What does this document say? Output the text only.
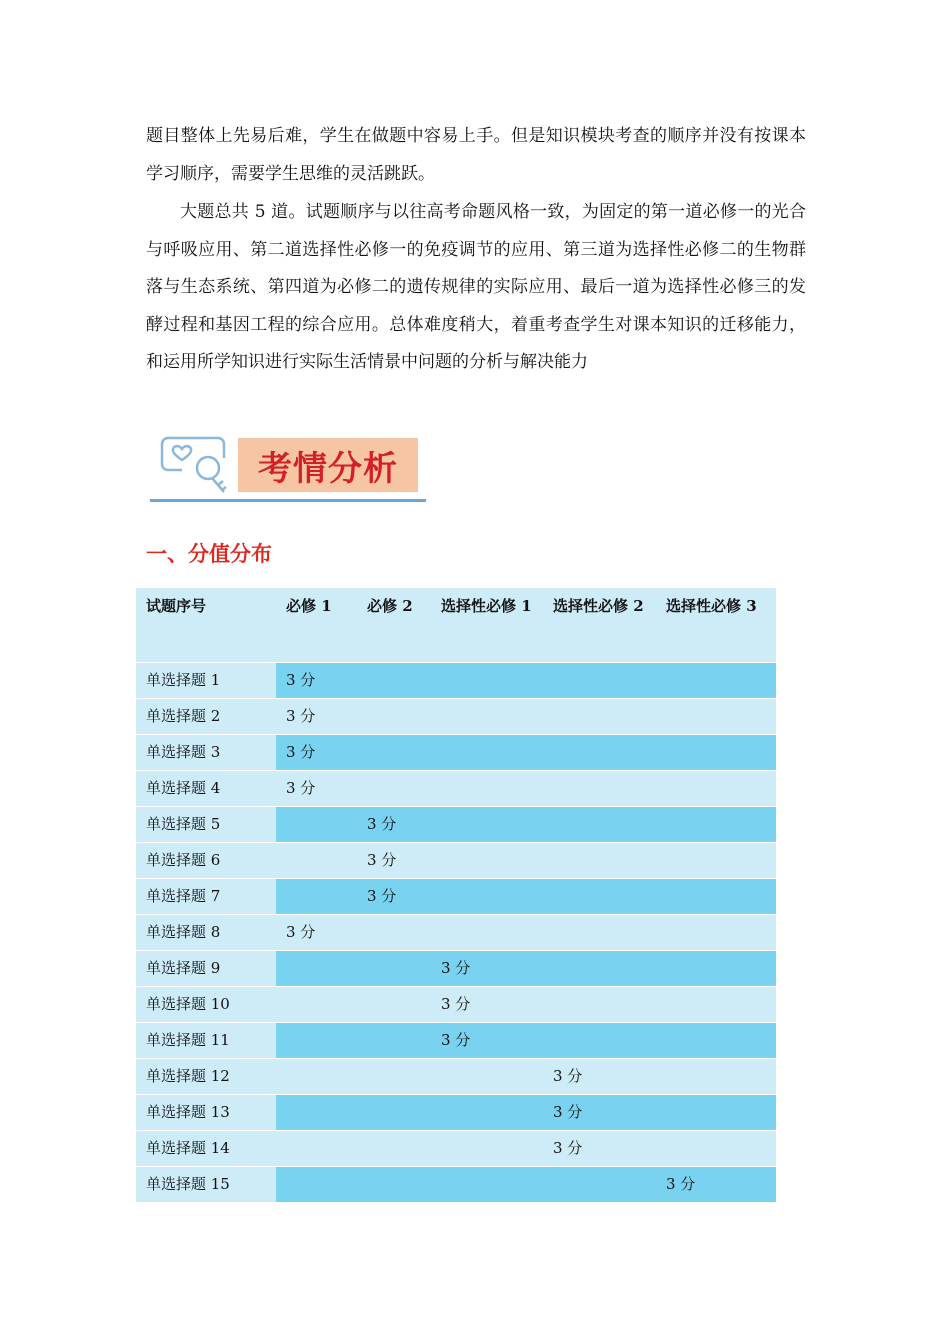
题目整体上先易后难，学生在做题中容易上手。但是知识模块考查的顺序并没有按课本学习顺序，需要学生思维的灵活跳跃。

大题总共 5 道。试题顺序与以往高考命题风格一致，为固定的第一道必修一的光合与呼吸应用、第二道选择性必修一的免疫调节的应用、第三道为选择性必修二的生物群落与生态系统、第四道为必修二的遗传规律的实际应用、最后一道为选择性必修三的发酵过程和基因工程的综合应用。总体难度稍大，着重考查学生对课本知识的迁移能力，和运用所学知识进行实际生活情景中问题的分析与解决能力

考情分析
一、分值分布
试题序号	必修 1	必修 2	选择性必修 1	选择性必修 2	选择性必修 3
单选择题 1	3 分				
单选择题 2	3 分				
单选择题 3	3 分				
单选择题 4	3 分				
单选择题 5		3 分			
单选择题 6		3 分			
单选择题 7		3 分			
单选择题 8	3 分				
单选择题 9			3 分		
单选择题 10			3 分		
单选择题 11			3 分		
单选择题 12				3 分	
单选择题 13				3 分	
单选择题 14				3 分	
单选择题 15					3 分
